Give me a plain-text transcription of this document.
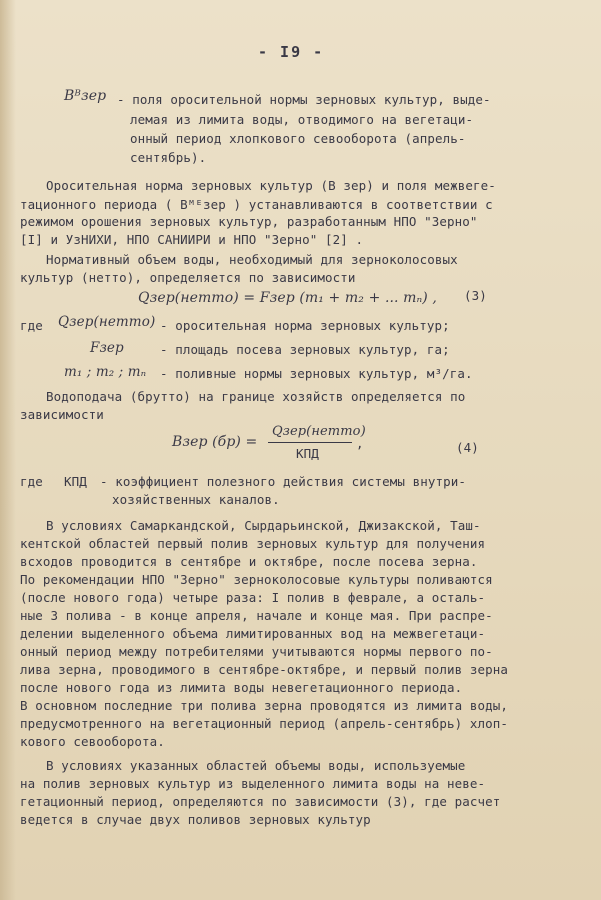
- I9 -
Вᴮзер - поля оросительной нормы зерновых культур, выде-
лемая из лимита воды, отводимого на вегетаци-
онный период хлопкового севооборота (апрель-
сентябрь).
Оросительная норма зерновых культур (В зер) и поля межвеге-
тационного периода ( Вᴹᴱзер ) устанавливаются в соответствии с
режимом орошения зерновых культур, разработанным НПО "Зерно"
[I] и УзНИХИ, НПО САНИИРИ и НПО "Зерно" [2] .
Нормативный объем воды, необходимый для зерноколосовых
культур (нетто), определяется по зависимости
Qзер(нетто) = Fзер (m₁ + m₂ + ... mₙ) , (3)
где Qзер(нетто) - оросительная норма зерновых культур;
Fзер	- площадь посева зерновых культур, га;
m₁ ; m₂ ; mₙ - поливные нормы зерновых культур, м³/га.
Водоподача (брутто) на границе хозяйств определяется по
зависимости
Взер (бр) =
Qзер(нетто)
КПД
,	(4)
где КПД - коэффициент полезного действия системы внутри-
хозяйственных каналов.
В условиях Самаркандской, Сырдарьинской, Джизакской, Таш-
кентской областей первый полив зерновых культур для получения
всходов проводится в сентябре и октябре, после посева зерна.
По рекомендации НПО "Зерно" зерноколосовые культуры поливаются
(после нового года) четыре раза: I полив в феврале, а осталь-
ные 3 полива - в конце апреля, начале и конце мая. При распре-
делении выделенного объема лимитированных вод на межвегетаци-
онный период между потребителями учитываются нормы первого по-
лива зерна, проводимого в сентябре-октябре, и первый полив зерна
после нового года из лимита воды невегетационного периода.
В основном последние три полива зерна проводятся из лимита воды,
предусмотренного на вегетационный период (апрель-сентябрь) хлоп-
кового севооборота.
В условиях указанных областей объемы воды, используемые
на полив зерновых культур из выделенного лимита воды на неве-
гетационный период, определяются по зависимости (3), где расчет
ведется в случае двух поливов зерновых культур
